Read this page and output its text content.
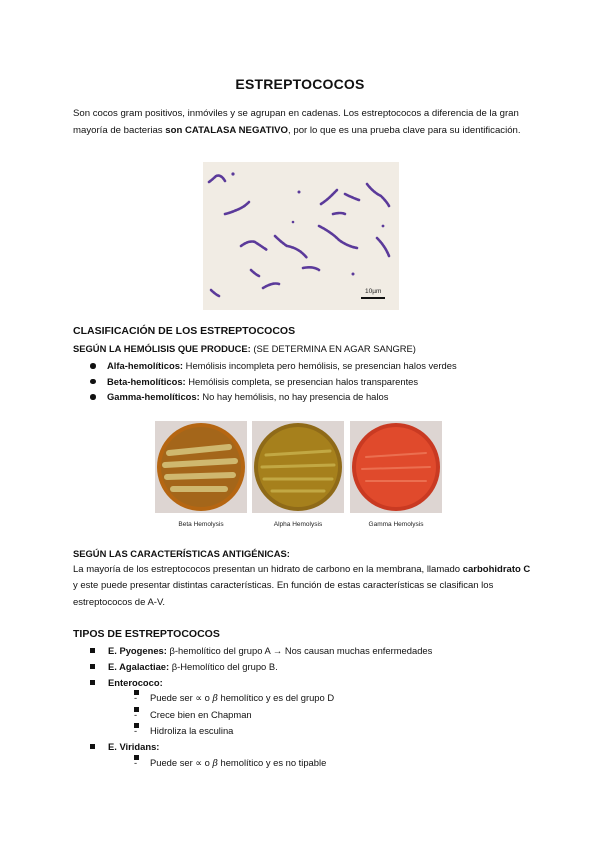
ESTREPTOCOCOS
Son cocos gram positivos, inmóviles y se agrupan en cadenas. Los estreptococos a diferencia de la gran mayoría de bacterias son CATALASA NEGATIVO, por lo que es una prueba clave para su identificación.
10µm
CLASIFICACIÓN DE LOS ESTREPTOCOCOS
SEGÚN LA HEMÓLISIS QUE PRODUCE: (SE DETERMINA EN AGAR SANGRE)
Alfa-hemolíticos: Hemólisis incompleta pero hemólisis, se presencian halos verdes
Beta-hemolíticos: Hemólisis completa, se presencian halos transparentes
Gamma-hemolíticos: No hay hemólisis, no hay presencia de halos
Beta Hemolysis	Alpha Hemolysis	Gamma Hemolysis
SEGÚN LAS CARACTERÍSTICAS ANTIGÉNICAS:
La mayoría de los estreptococos presentan un hidrato de carbono en la membrana, llamado carbohidrato C y este puede presentar distintas características. En función de estas características se clasifican los estreptococos de A-V.
TIPOS DE ESTREPTOCOCOS
E. Pyogenes: β-hemolítico del grupo A → Nos causan muchas enfermedades
E. Agalactiae: β-Hemolítico del grupo B.
Enterococo:
- Puede ser ∝ o β hemolítico y es del grupo D
- Crece bien en Chapman
- Hidroliza la esculina
E. Viridans:
- Puede ser ∝ o β hemolítico y es no tipable
